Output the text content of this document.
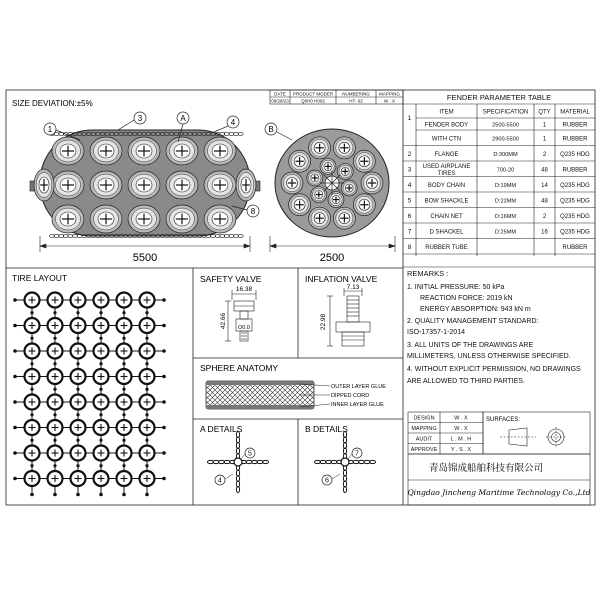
DATE PRODUCT MODER NUMBERING MAPPING
09/28/23	Q0H0 H002	HT- 02	W . X
5500	2500
SIZE DEVIATION:±5%
1
3	A	4
8
B
FENDER PARAMETER TABLE
ITEM	SPECIFICATION QTY MATERIAL
1
FENDER BODY	2500-5500	1	RUBBER
WITH CTN	2900-5500	1	RUBBER
2	FLANGE	D:300MM	2 Q235 HDG
3 USED AIRPLANE
TIRES
700-20	48 RUBBER
4	BODY CHAIN	D:19MM	14 Q235 HDG
5 BOW SHACKLE	D:22MM	48 Q235 HDG
6	CHAIN NET	D:16MM	2 Q235 HDG
7	D SHACKEL	D:25MM	16 Q235 HDG
8 RUBBER TUBE	RUBBER
TIRE LAYOUT	SAFETY VALVE
16.38
42.66 O0.0
INFLATION VALVE
7.13
22.98
SPHERE ANATOMY
OUTER LAYER GLUE
DIPPED CORD
INNER LAYER GLUE
A DETAILS
5
4
B DETAILS
7
6
DESIGN	W . X
MAPPING	W . X
AUDIT	L . M . H
APPROVE Y . S . X
SURFACES:
青岛锦成船舶科技有限公司
Qingdao Jincheng Maritime Technology Co.,Ltd
REMARKS :
1. INITIAL PRESSURE: 50 kPa
REACTION FORCE: 2019 kN
ENERGY ABSORPTION: 943 kN m
2. QUALITY MANAGEMENT STANDARD:
ISO-17357-1-2014
3. ALL UNITS OF THE DRAWINGS ARE
MILLIMETERS, UNLESS OTHERWISE SPECIFIED.
4. WITHOUT EXPLICIT PERMISSION, NO DRAWINGS
ARE ALLOWED TO THIRD PARTIES.
